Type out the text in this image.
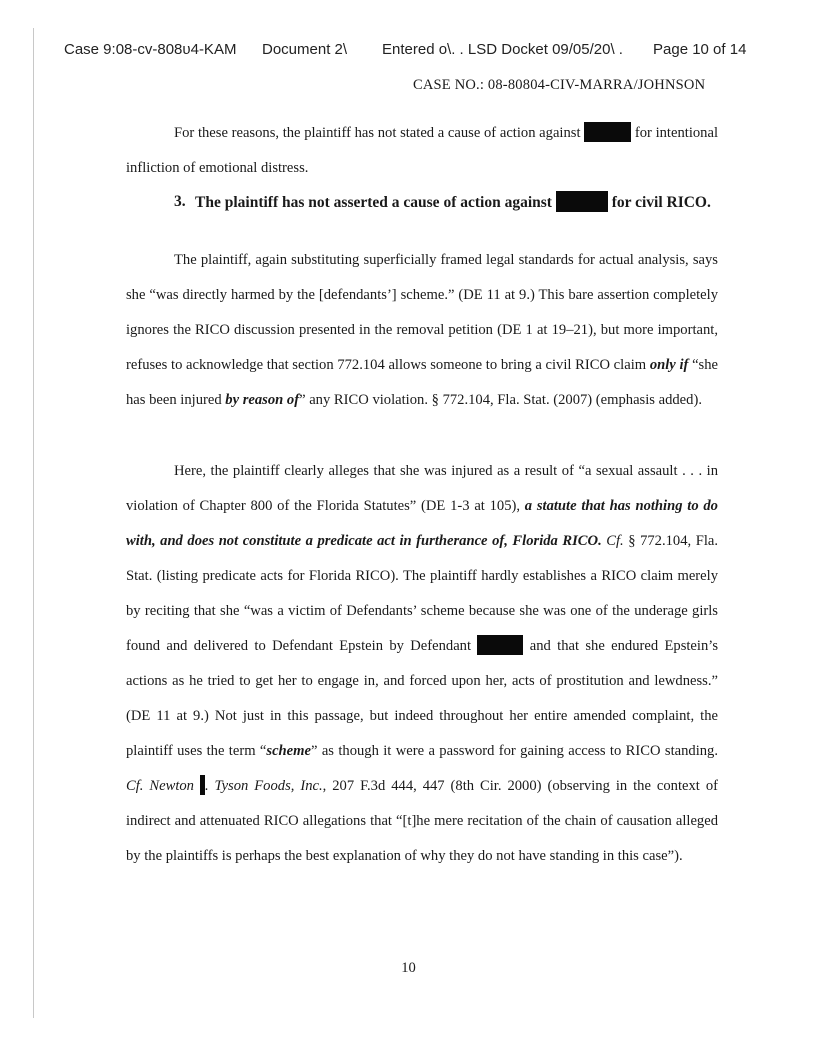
Case 9:08-cv-808υ4-KAM Document 2\ Entered o\. . LSD Docket 09/05/20\ . Page 10 of 14
CASE NO.: 08-80804-CIV-MARRA/JOHNSON

For these reasons, the plaintiff has not stated a cause of action against	for intentional infliction of emotional distress.

3. The plaintiff has not asserted a cause of action against	for civil RICO.

The plaintiff, again substituting superficially framed legal standards for actual analysis, says she “was directly harmed by the [defendants’] scheme.” (DE 11 at 9.) This bare assertion completely ignores the RICO discussion presented in the removal petition (DE 1 at 19–21), but more important, refuses to acknowledge that section 772.104 allows someone to bring a civil RICO claim only if “she has been injured by reason of” any RICO violation. § 772.104, Fla. Stat. (2007) (emphasis added).

Here, the plaintiff clearly alleges that she was injured as a result of “a sexual assault . . . in violation of Chapter 800 of the Florida Statutes” (DE 1-3 at 105), a statute that has nothing to do with, and does not constitute a predicate act in furtherance of, Florida RICO. Cf. § 772.104, Fla. Stat. (listing predicate acts for Florida RICO). The plaintiff hardly establishes a RICO claim merely by reciting that she “was a victim of Defendants’ scheme because she was one of the underage girls found and delivered to Defendant Epstein by Defendant	and that she endured Epstein’s actions as he tried to get her to engage in, and forced upon her, acts of prostitution and lewdness.” (DE 11 at 9.) Not just in this passage, but indeed throughout her entire amended complaint, the plaintiff uses the term “scheme” as though it were a password for gaining access to RICO standing. Cf. Newton . Tyson Foods, Inc., 207 F.3d 444, 447 (8th Cir. 2000) (observing in the context of indirect and attenuated RICO allegations that “[t]he mere recitation of the chain of causation alleged by the plaintiffs is perhaps the best explanation of why they do not have standing in this case”).

10
